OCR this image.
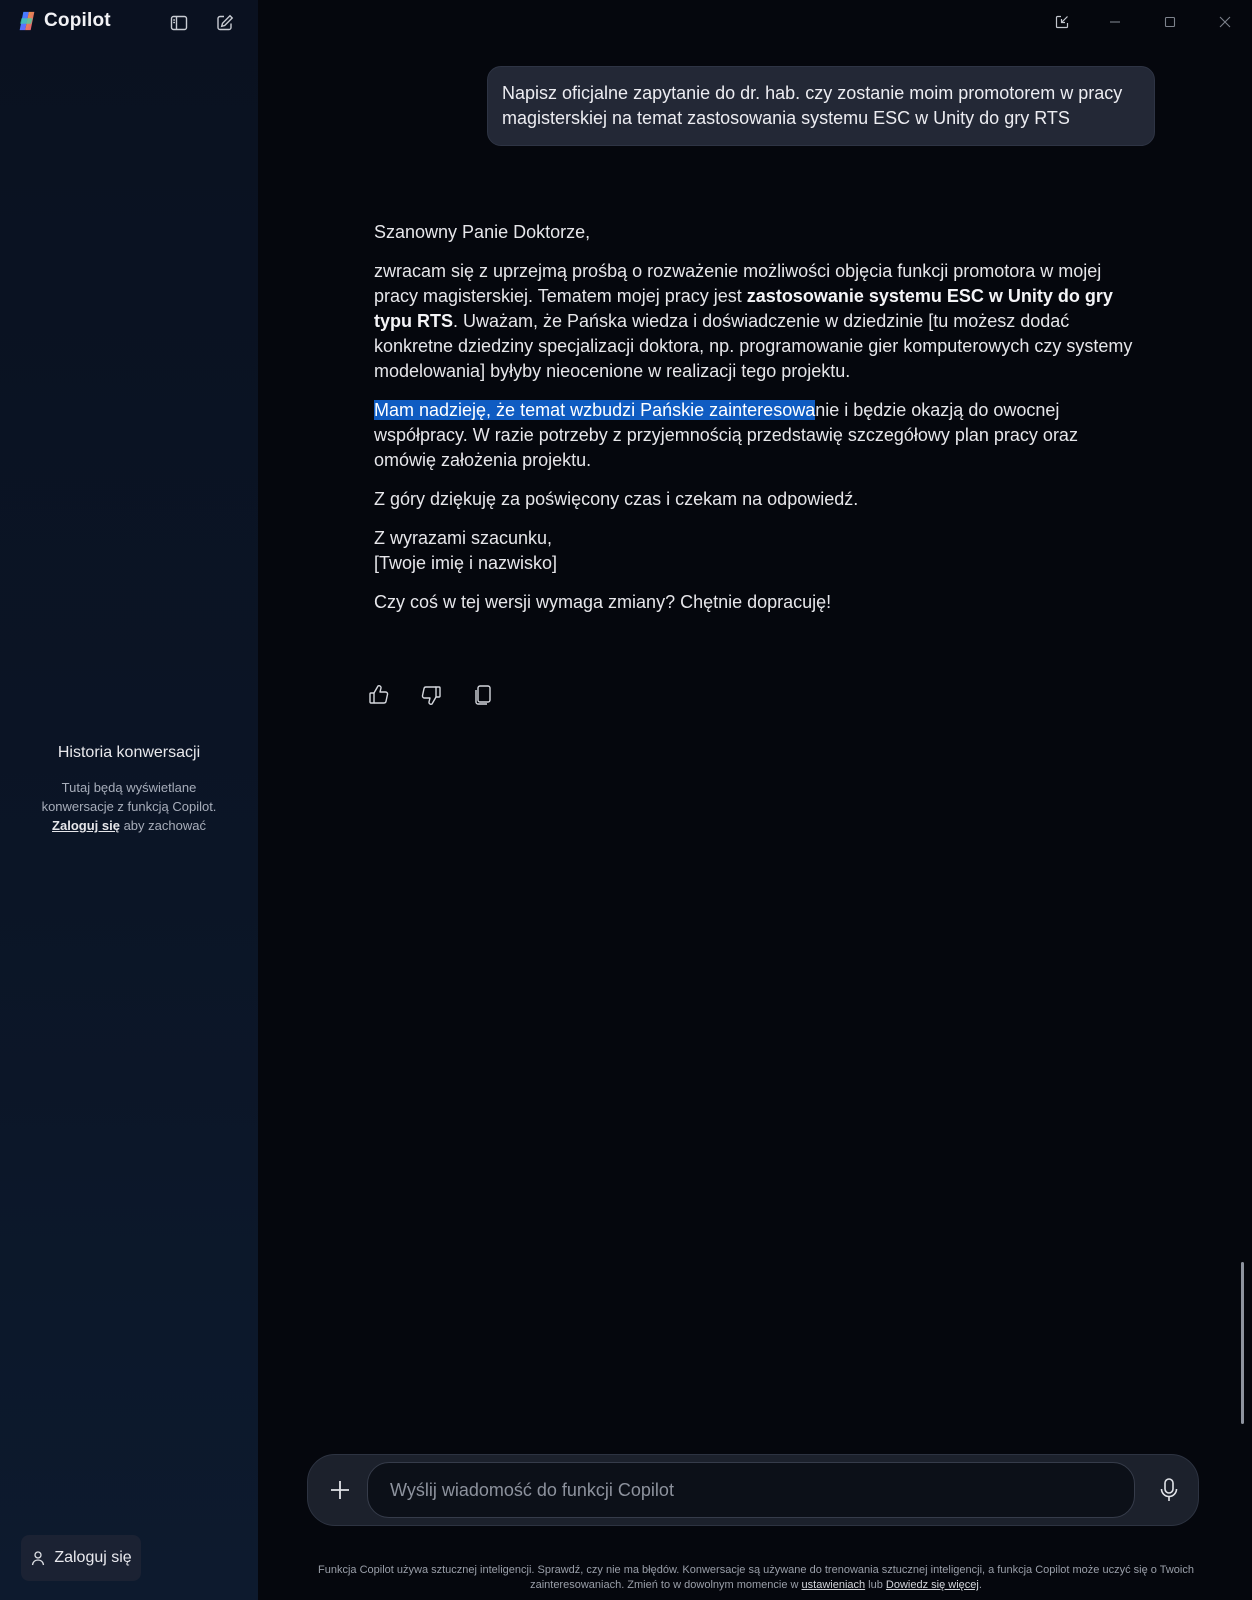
Copilot
Historia konwersacji
Tutaj będą wyświetlane konwersacje z funkcją Copilot.
Zaloguj się aby zachować
Zaloguj się
Napisz oficjalne zapytanie do dr. hab. czy zostanie moim promotorem w pracy magisterskiej na temat zastosowania systemu ESC w Unity do gry RTS

Szanowny Panie Doktorze,

zwracam się z uprzejmą prośbą o rozważenie możliwości objęcia funkcji promotora w mojej pracy magisterskiej. Tematem mojej pracy jest zastosowanie systemu ESC w Unity do gry typu RTS. Uważam, że Pańska wiedza i doświadczenie w dziedzinie [tu możesz dodać konkretne dziedziny specjalizacji doktora, np. programowanie gier komputerowych czy systemy modelowania] byłyby nieocenione w realizacji tego projektu.

Mam nadzieję, że temat wzbudzi Pańskie zainteresowanie i będzie okazją do owocnej współpracy. W razie potrzeby z przyjemnością przedstawię szczegółowy plan pracy oraz omówię założenia projektu.

Z góry dziękuję za poświęcony czas i czekam na odpowiedź.

Z wyrazami szacunku,
[Twoje imię i nazwisko]

Czy coś w tej wersji wymaga zmiany? Chętnie dopracuję!

Wyślij wiadomość do funkcji Copilot
Funkcja Copilot używa sztucznej inteligencji. Sprawdź, czy nie ma błędów. Konwersacje są używane do trenowania sztucznej inteligencji, a funkcja Copilot może uczyć się o Twoich zainteresowaniach. Zmień to w dowolnym momencie w ustawieniach lub Dowiedz się więcej.
